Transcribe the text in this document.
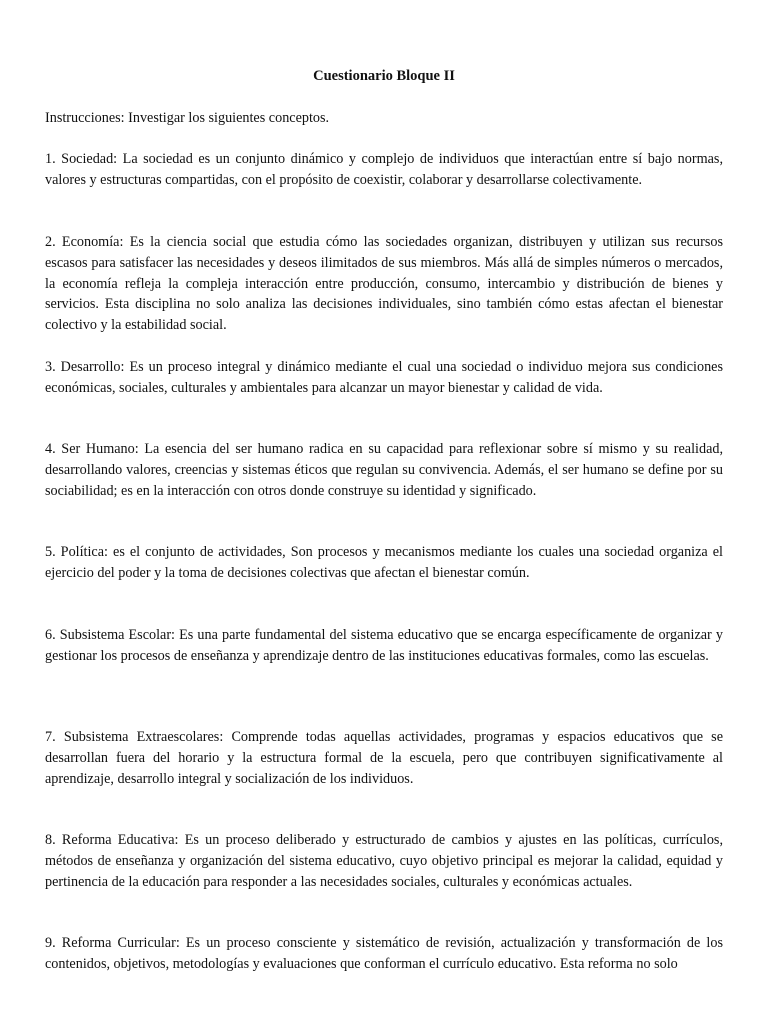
Cuestionario Bloque II

Instrucciones: Investigar los siguientes conceptos.

1. Sociedad: La sociedad es un conjunto dinámico y complejo de individuos que interactúan entre sí bajo normas, valores y estructuras compartidas, con el propósito de coexistir, colaborar y desarrollarse colectivamente.

2. Economía: Es la ciencia social que estudia cómo las sociedades organizan, distribuyen y utilizan sus recursos escasos para satisfacer las necesidades y deseos ilimitados de sus miembros. Más allá de simples números o mercados, la economía refleja la compleja interacción entre producción, consumo, intercambio y distribución de bienes y servicios. Esta disciplina no solo analiza las decisiones individuales, sino también cómo estas afectan el bienestar colectivo y la estabilidad social.

3. Desarrollo: Es un proceso integral y dinámico mediante el cual una sociedad o individuo mejora sus condiciones económicas, sociales, culturales y ambientales para alcanzar un mayor bienestar y calidad de vida.

4. Ser Humano: La esencia del ser humano radica en su capacidad para reflexionar sobre sí mismo y su realidad, desarrollando valores, creencias y sistemas éticos que regulan su convivencia. Además, el ser humano se define por su sociabilidad; es en la interacción con otros donde construye su identidad y significado.

5. Política: es el conjunto de actividades, Son procesos y mecanismos mediante los cuales una sociedad organiza el ejercicio del poder y la toma de decisiones colectivas que afectan el bienestar común.

6. Subsistema Escolar: Es una parte fundamental del sistema educativo que se encarga específicamente de organizar y gestionar los procesos de enseñanza y aprendizaje dentro de las instituciones educativas formales, como las escuelas.

7. Subsistema Extraescolares: Comprende todas aquellas actividades, programas y espacios educativos que se desarrollan fuera del horario y la estructura formal de la escuela, pero que contribuyen significativamente al aprendizaje, desarrollo integral y socialización de los individuos.

8. Reforma Educativa: Es un proceso deliberado y estructurado de cambios y ajustes en las políticas, currículos, métodos de enseñanza y organización del sistema educativo, cuyo objetivo principal es mejorar la calidad, equidad y pertinencia de la educación para responder a las necesidades sociales, culturales y económicas actuales.

9. Reforma Curricular: Es un proceso consciente y sistemático de revisión, actualización y transformación de los contenidos, objetivos, metodologías y evaluaciones que conforman el currículo educativo. Esta reforma no solo
